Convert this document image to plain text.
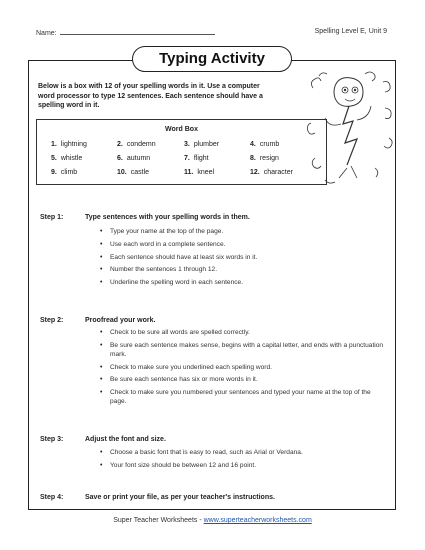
Name:	Spelling Level E, Unit 9
Typing Activity
Below is a box with 12 of your spelling words in it. Use a computer word processor to type 12 sentences. Each sentence should have a spelling word in it.
Word Box
1. lightning	2. condemn	3. plumber	4. crumb
5. whistle	6. autumn	7. flight	8. resign
9. climb	10. castle	11. kneel	12. character
Step 1:	Type sentences with your spelling words in them.
• Type your name at the top of the page.
• Use each word in a complete sentence.
• Each sentence should have at least six words in it.
• Number the sentences 1 through 12.
• Underline the spelling word in each sentence.
Step 2:	Proofread your work.
• Check to be sure all words are spelled correctly.
• Be sure each sentence makes sense, begins with a capital letter, and ends with a punctuation mark.
• Check to make sure you underlined each spelling word.
• Be sure each sentence has six or more words in it.
• Check to make sure you numbered your sentences and typed your name at the top of the page.
Step 3:	Adjust the font and size.
• Choose a basic font that is easy to read, such as Arial or Verdana.
• Your font size should be between 12 and 16 point.
Step 4:	Save or print your file, as per your teacher's instructions.
Super Teacher Worksheets - www.superteacherworksheets.com
